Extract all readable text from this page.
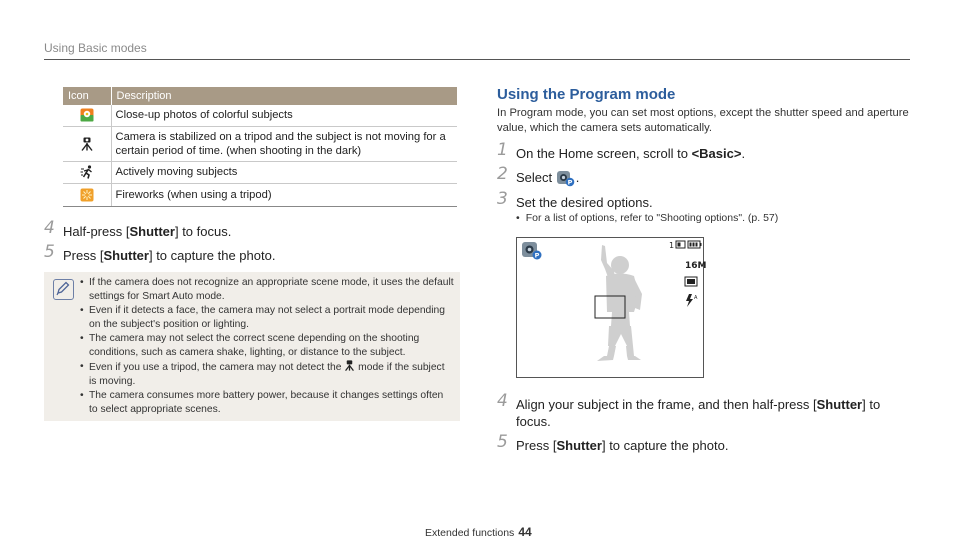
Using Basic modes
Icon	Description
	Close-up photos of colorful subjects
	Camera is stabilized on a tripod and the subject is not moving for a certain period of time. (when shooting in the dark)
	Actively moving subjects
	Fireworks (when using a tripod)
4 Half-press [Shutter] to focus.
5 Press [Shutter] to capture the photo.
• If the camera does not recognize an appropriate scene mode, it uses the default settings for Smart Auto mode.
• Even if it detects a face, the camera may not select a portrait mode depending on the subject's position or lighting.
• The camera may not select the correct scene depending on the shooting conditions, such as camera shake, lighting, or distance to the subject.
• Even if you use a tripod, the camera may not detect the  mode if the subject is moving.
• The camera consumes more battery power, because it changes settings often to select appropriate scenes.
Using the Program mode
In Program mode, you can set most options, except the shutter speed and aperture value, which the camera sets automatically.
1 On the Home screen, scroll to <Basic>.
2 Select P .
3 Set the desired options.
• For a list of options, refer to "Shooting options". (p. 57)
P
1
16M
A
4 Align your subject in the frame, and then half-press [Shutter] to focus.
5 Press [Shutter] to capture the photo.
Extended functions 44
